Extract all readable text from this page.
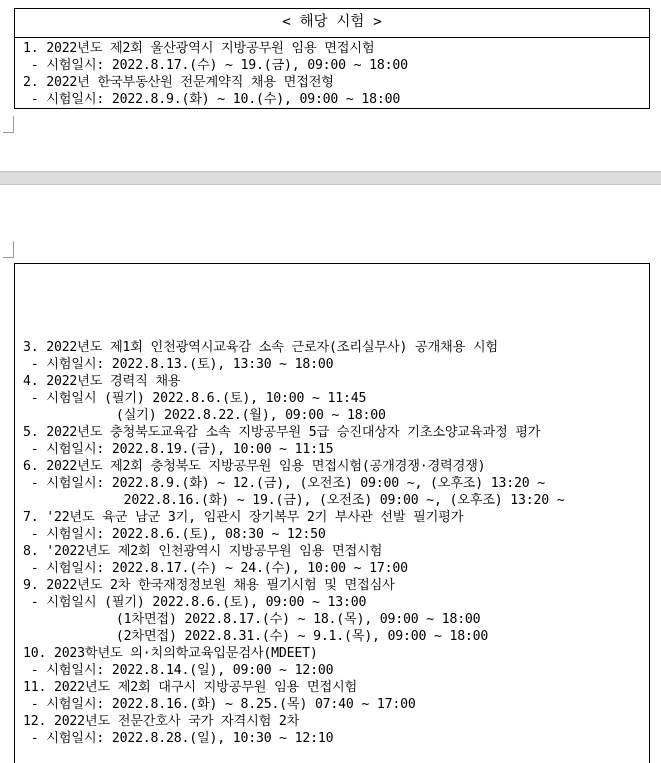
< 해당 시험 >
1. 2022년도 제2회 울산광역시 지방공무원 임용 면접시험
- 시험일시: 2022.8.17.(수) ~ 19.(금), 09:00 ~ 18:00
2. 2022년 한국부동산원 전문계약직 채용 면접전형
- 시험일시: 2022.8.9.(화) ~ 10.(수), 09:00 ~ 18:00
3. 2022년도 제1회 인천광역시교육감 소속 근로자(조리실무사) 공개채용 시험
- 시험일시: 2022.8.13.(토), 13:30 ~ 18:00
4. 2022년도 경력직 채용
- 시험일시 (필기) 2022.8.6.(토), 10:00 ~ 11:45
(실기) 2022.8.22.(월), 09:00 ~ 18:00
5. 2022년도 충청북도교육감 소속 지방공무원 5급 승진대상자 기초소양교육과정 평가
- 시험일시: 2022.8.19.(금), 10:00 ~ 11:15
6. 2022년도 제2회 충청북도 지방공무원 임용 면접시험(공개경쟁·경력경쟁)
- 시험일시: 2022.8.9.(화) ~ 12.(금), (오전조) 09:00 ~, (오후조) 13:20 ~
2022.8.16.(화) ~ 19.(금), (오전조) 09:00 ~, (오후조) 13:20 ~
7. '22년도 육군 남군 3기, 임관시 장기복무 2기 부사관 선발 필기평가
- 시험일시: 2022.8.6.(토), 08:30 ~ 12:50
8. '2022년도 제2회 인천광역시 지방공무원 임용 면접시험
- 시험일시: 2022.8.17.(수) ~ 24.(수), 10:00 ~ 17:00
9. 2022년도 2차 한국재정정보원 채용 필기시험 및 면접심사
- 시험일시 (필기) 2022.8.6.(토), 09:00 ~ 13:00
(1차면접) 2022.8.17.(수) ~ 18.(목), 09:00 ~ 18:00
(2차면접) 2022.8.31.(수) ~ 9.1.(목), 09:00 ~ 18:00
10. 2023학년도 의·치의학교육입문검사(MDEET)
- 시험일시: 2022.8.14.(일), 09:00 ~ 12:00
11. 2022년도 제2회 대구시 지방공무원 임용 면접시험
- 시험일시: 2022.8.16.(화) ~ 8.25.(목) 07:40 ~ 17:00
12. 2022년도 전문간호사 국가 자격시험 2차
- 시험일시: 2022.8.28.(일), 10:30 ~ 12:10
